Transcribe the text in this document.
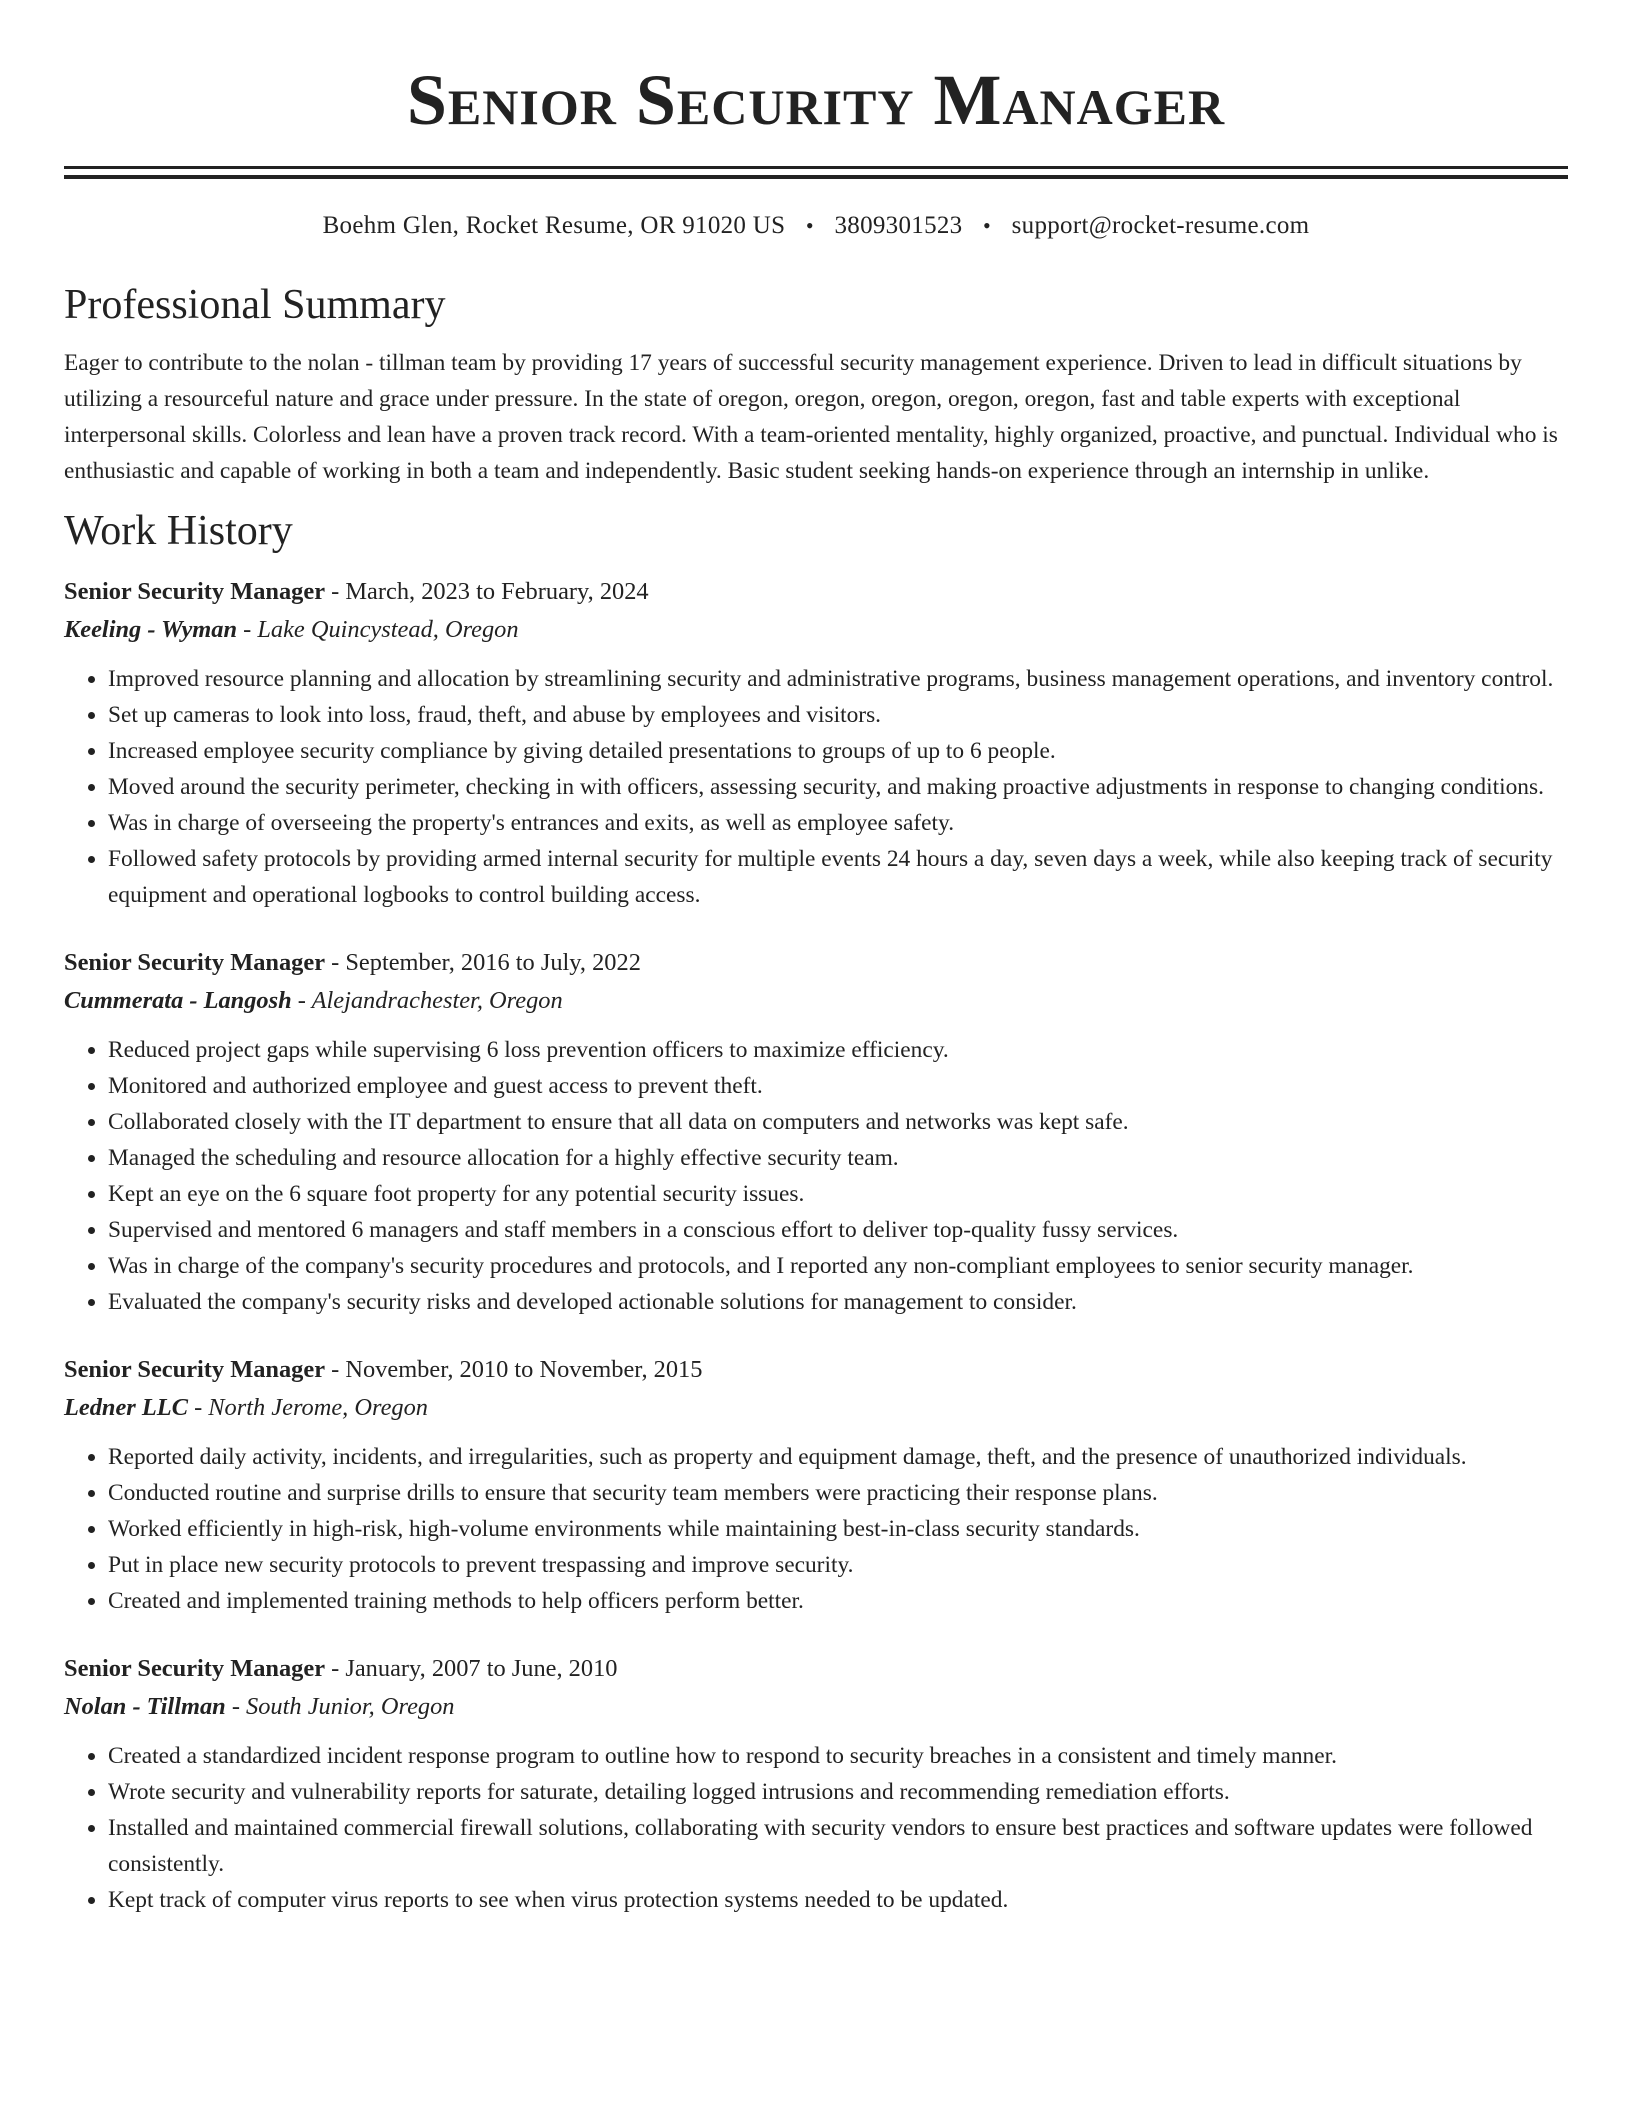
Senior Security Manager
Boehm Glen, Rocket Resume, OR 91020 US • 3809301523 • support@rocket-resume.com
Professional Summary
Eager to contribute to the nolan - tillman team by providing 17 years of successful security management experience. Driven to lead in difficult situations by utilizing a resourceful nature and grace under pressure. In the state of oregon, oregon, oregon, oregon, oregon, fast and table experts with exceptional interpersonal skills. Colorless and lean have a proven track record. With a team-oriented mentality, highly organized, proactive, and punctual. Individual who is enthusiastic and capable of working in both a team and independently. Basic student seeking hands-on experience through an internship in unlike.
Work History
Senior Security Manager - March, 2023 to February, 2024
Keeling - Wyman - Lake Quincystead, Oregon
• Improved resource planning and allocation by streamlining security and administrative programs, business management operations, and inventory control.
• Set up cameras to look into loss, fraud, theft, and abuse by employees and visitors.
• Increased employee security compliance by giving detailed presentations to groups of up to 6 people.
• Moved around the security perimeter, checking in with officers, assessing security, and making proactive adjustments in response to changing conditions.
• Was in charge of overseeing the property's entrances and exits, as well as employee safety.
• Followed safety protocols by providing armed internal security for multiple events 24 hours a day, seven days a week, while also keeping track of security equipment and operational logbooks to control building access.
Senior Security Manager - September, 2016 to July, 2022
Cummerata - Langosh - Alejandrachester, Oregon
• Reduced project gaps while supervising 6 loss prevention officers to maximize efficiency.
• Monitored and authorized employee and guest access to prevent theft.
• Collaborated closely with the IT department to ensure that all data on computers and networks was kept safe.
• Managed the scheduling and resource allocation for a highly effective security team.
• Kept an eye on the 6 square foot property for any potential security issues.
• Supervised and mentored 6 managers and staff members in a conscious effort to deliver top-quality fussy services.
• Was in charge of the company's security procedures and protocols, and I reported any non-compliant employees to senior security manager.
• Evaluated the company's security risks and developed actionable solutions for management to consider.
Senior Security Manager - November, 2010 to November, 2015
Ledner LLC - North Jerome, Oregon
• Reported daily activity, incidents, and irregularities, such as property and equipment damage, theft, and the presence of unauthorized individuals.
• Conducted routine and surprise drills to ensure that security team members were practicing their response plans.
• Worked efficiently in high-risk, high-volume environments while maintaining best-in-class security standards.
• Put in place new security protocols to prevent trespassing and improve security.
• Created and implemented training methods to help officers perform better.
Senior Security Manager - January, 2007 to June, 2010
Nolan - Tillman - South Junior, Oregon
• Created a standardized incident response program to outline how to respond to security breaches in a consistent and timely manner.
• Wrote security and vulnerability reports for saturate, detailing logged intrusions and recommending remediation efforts.
• Installed and maintained commercial firewall solutions, collaborating with security vendors to ensure best practices and software updates were followed consistently.
• Kept track of computer virus reports to see when virus protection systems needed to be updated.
